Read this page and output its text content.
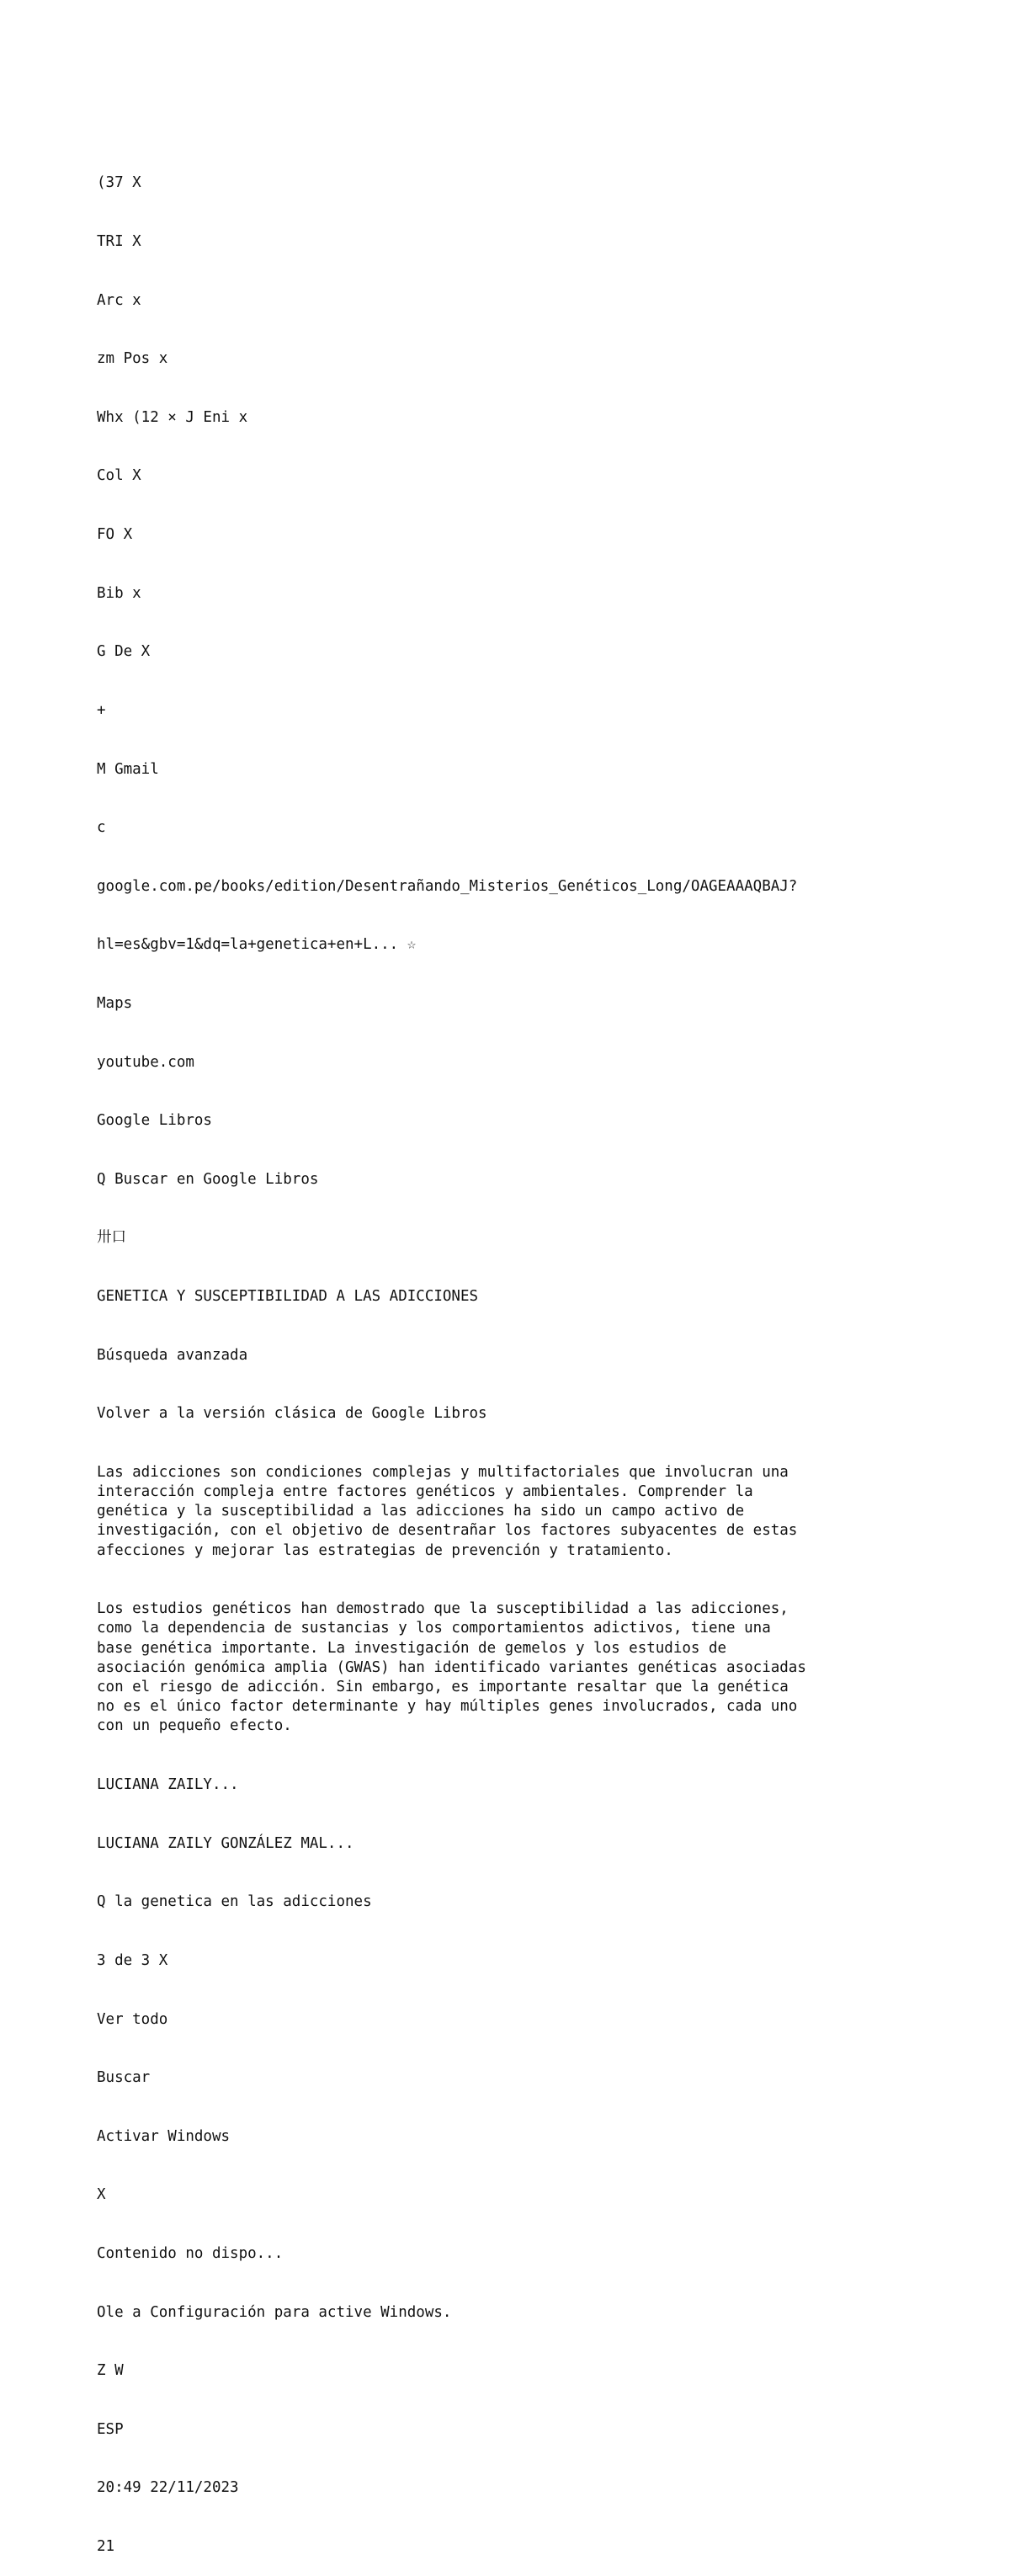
(37 X

TRI X

Arc x

zm Pos x

Whx (12 × J Eni x

Col X

FO X

Bib x

G De X

+

M Gmail

c

google.com.pe/books/edition/Desentrañando_Misterios_Genéticos_Long/OAGEAAAQBAJ?

hl=es&gbv=1&dq=la+genetica+en+L... ☆

Maps

youtube.com

Google Libros

Q Buscar en Google Libros

卅口

GENETICA Y SUSCEPTIBILIDAD A LAS ADICCIONES

Búsqueda avanzada

Volver a la versión clásica de Google Libros

Las adicciones son condiciones complejas y multifactoriales que involucran una
interacción compleja entre factores genéticos y ambientales. Comprender la
genética y la susceptibilidad a las adicciones ha sido un campo activo de
investigación, con el objetivo de desentrañar los factores subyacentes de estas
afecciones y mejorar las estrategias de prevención y tratamiento.

Los estudios genéticos han demostrado que la susceptibilidad a las adicciones,
como la dependencia de sustancias y los comportamientos adictivos, tiene una
base genética importante. La investigación de gemelos y los estudios de
asociación genómica amplia (GWAS) han identificado variantes genéticas asociadas
con el riesgo de adicción. Sin embargo, es importante resaltar que la genética
no es el único factor determinante y hay múltiples genes involucrados, cada uno
con un pequeño efecto.

LUCIANA ZAILY...

LUCIANA ZAILY GONZÁLEZ MAL...

Q la genetica en las adicciones

3 de 3 X

Ver todo

Buscar

Activar Windows

X

Contenido no dispo...

Ole a Configuración para active Windows.

Z W

ESP

20:49 22/11/2023

21
